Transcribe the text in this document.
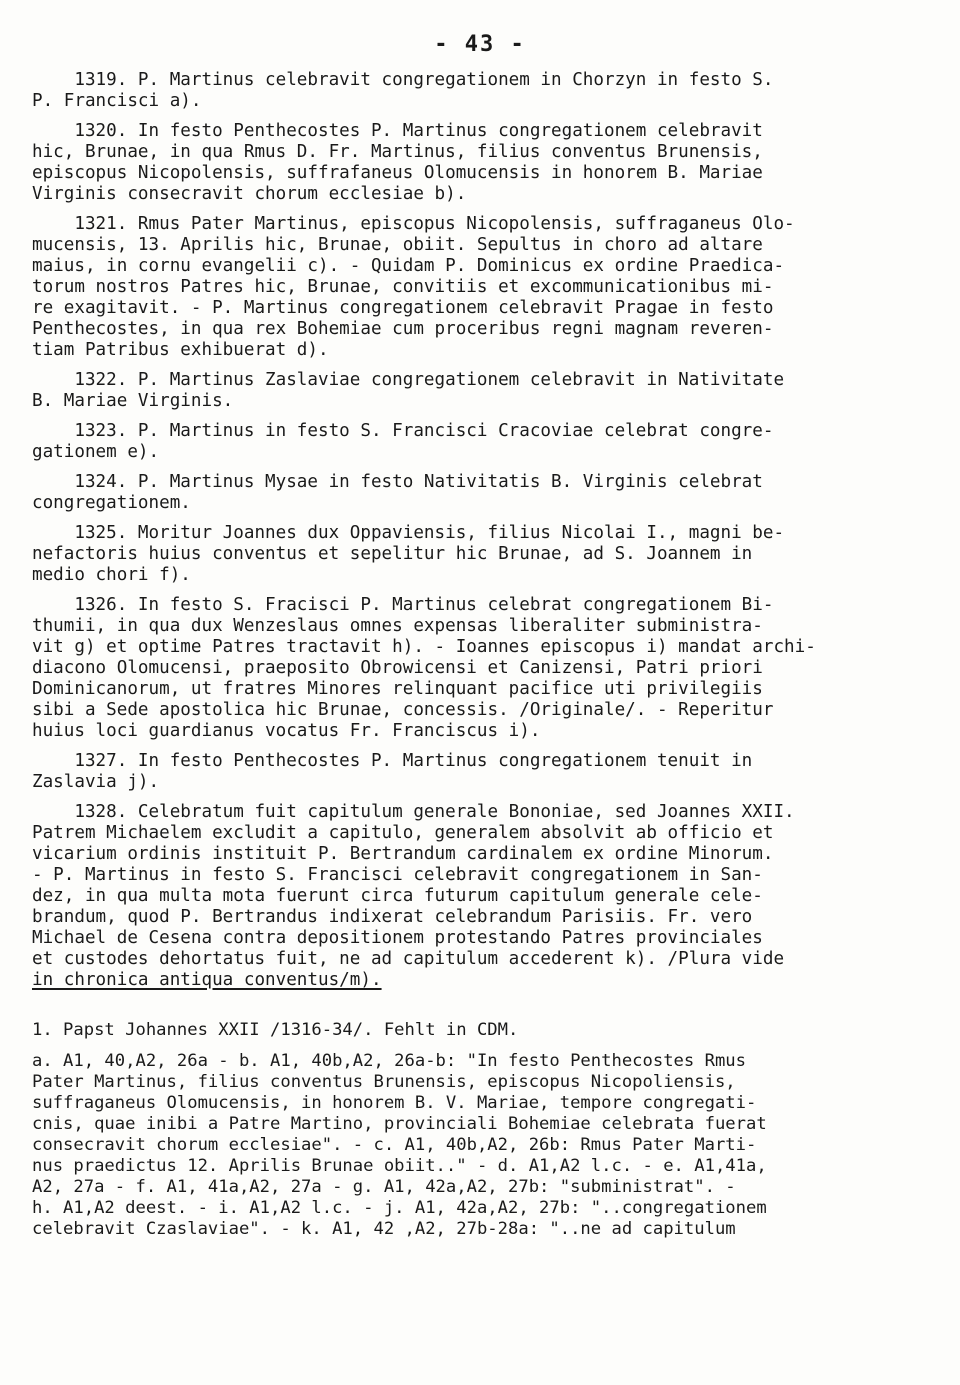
- 43 -
1319. P. Martinus celebravit congregationem in Chorzyn in festo S.
P. Francisci a).
1320. In festo Penthecostes P. Martinus congregationem celebravit
hic, Brunae, in qua Rmus D. Fr. Martinus, filius conventus Brunensis,
episcopus Nicopolensis, suffrafaneus Olomucensis in honorem B. Mariae
Virginis consecravit chorum ecclesiae b).
1321. Rmus Pater Martinus, episcopus Nicopolensis, suffraganeus Olo-
mucensis, 13. Aprilis hic, Brunae, obiit. Sepultus in choro ad altare
maius, in cornu evangelii c). - Quidam P. Dominicus ex ordine Praedica-
torum nostros Patres hic, Brunae, convitiis et excommunicationibus mi-
re exagitavit. - P. Martinus congregationem celebravit Pragae in festo
Penthecostes, in qua rex Bohemiae cum proceribus regni magnam reveren-
tiam Patribus exhibuerat d).
1322. P. Martinus Zaslaviae congregationem celebravit in Nativitate
B. Mariae Virginis.
1323. P. Martinus in festo S. Francisci Cracoviae celebrat congre-
gationem e).
1324. P. Martinus Mysae in festo Nativitatis B. Virginis celebrat
congregationem.
1325. Moritur Joannes dux Oppaviensis, filius Nicolai I., magni be-
nefactoris huius conventus et sepelitur hic Brunae, ad S. Joannem in
medio chori f).
1326. In festo S. Fracisci P. Martinus celebrat congregationem Bi-
thumii, in qua dux Wenzeslaus omnes expensas liberaliter subministra-
vit g) et optime Patres tractavit h). - Ioannes episcopus i) mandat archi-
diacono Olomucensi, praeposito Obrowicensi et Canizensi, Patri priori
Dominicanorum, ut fratres Minores relinquant pacifice uti privilegiis
sibi a Sede apostolica hic Brunae, concessis. /Originale/. - Reperitur
huius loci guardianus vocatus Fr. Franciscus i).
1327. In festo Penthecostes P. Martinus congregationem tenuit in
Zaslavia j).
1328. Celebratum fuit capitulum generale Bononiae, sed Joannes XXII.
Patrem Michaelem excludit a capitulo, generalem absolvit ab officio et
vicarium ordinis instituit P. Bertrandum cardinalem ex ordine Minorum.
- P. Martinus in festo S. Francisci celebravit congregationem in San-
dez, in qua multa mota fuerunt circa futurum capitulum generale cele-
brandum, quod P. Bertrandus indixerat celebrandum Parisiis. Fr. vero
Michael de Cesena contra depositionem protestando Patres provinciales
et custodes dehortatus fuit, ne ad capitulum accederent k). /Plura vide
in chronica antiqua conventus/m).
1. Papst Johannes XXII /1316-34/. Fehlt in CDM.
a. A1, 40,A2, 26a - b. A1, 40b,A2, 26a-b: "In festo Penthecostes Rmus
Pater Martinus, filius conventus Brunensis, episcopus Nicopoliensis,
suffraganeus Olomucensis, in honorem B. V. Mariae, tempore congregati-
cnis, quae inibi a Patre Martino, provinciali Bohemiae celebrata fuerat
consecravit chorum ecclesiae". - c. A1, 40b,A2, 26b: Rmus Pater Marti-
nus praedictus 12. Aprilis Brunae obiit.." - d. A1,A2 l.c. - e. A1,41a,
A2, 27a - f. A1, 41a,A2, 27a - g. A1, 42a,A2, 27b: "subministrat". -
h. A1,A2 deest. - i. A1,A2 l.c. - j. A1, 42a,A2, 27b: "..congregationem
celebravit Czaslaviae". - k. A1, 42 ,A2, 27b-28a: "..ne ad capitulum
